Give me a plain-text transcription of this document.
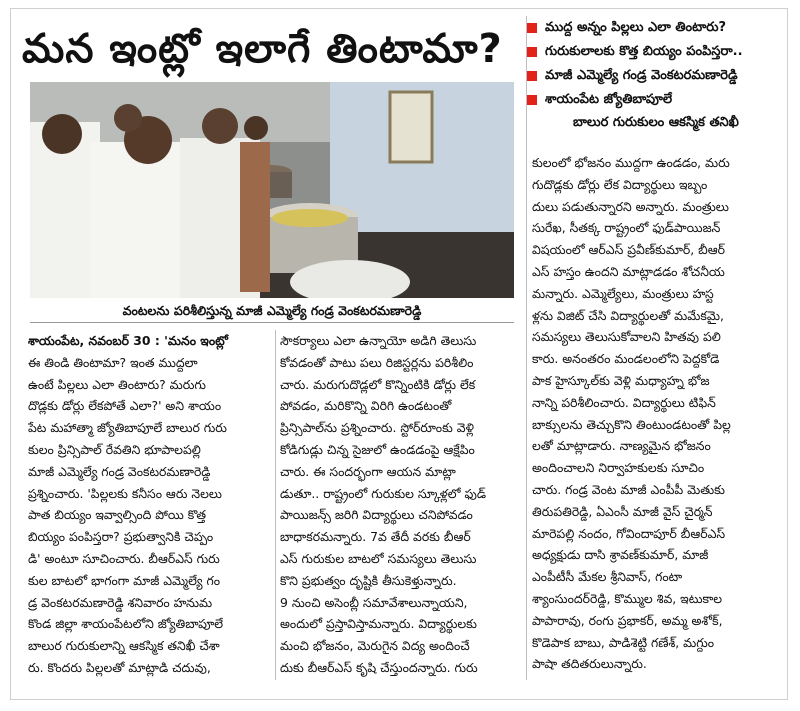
మన ఇంట్లో ఇలాగే తింటామా?	ముద్ద అన్నం పిల్లలు ఎలా తింటారు?
గురుకులాలకు కొత్త బియ్యం పంపిస్తరా..
మాజీ ఎమ్మెల్యే గండ్ర వెంకటరమణారెడ్డి
శాయంపేట జ్యోతిబాపూలే
బాలుర గురుకులం ఆకస్మిక తనిఖీ
వంటలను పరిశీలిస్తున్న మాజీ ఎమ్మెల్యే గండ్ర వెంకటరమణారెడ్డి
శాయంపేట, నవంబర్ 30 : 'మనం ఇంట్లో
ఈ తిండి తింటామా? ఇంత ముద్దలా
ఉంటే పిల్లలు ఎలా తింటారు? మరుగు
దొడ్లకు డోర్లు లేకపోతే ఎలా?' అని శాయం
పేట మహాత్మా జ్యోతిబాపూలే బాలుర గురు
కులం ప్రిన్సిపాల్ రేవతిని భూపాలపల్లి
మాజీ ఎమ్మెల్యే గండ్ర వెంకటరమణారెడ్డి
ప్రశ్నించారు. 'పిల్లలకు కనీసం ఆరు నెలలు
పాత బియ్యం ఇవ్వాల్సింది పోయి కొత్త
బియ్యం పంపిస్తరా? ప్రభుత్వానికి చెప్పం
డి' అంటూ సూచించారు. బీఆర్ఎస్ గురు
కుల బాటలో భాగంగా మాజీ ఎమ్మెల్యే గం
డ్ర వెంకటరమణారెడ్డి శనివారం హనుమ
కొండ జిల్లా శాయంపేటలోని జ్యోతిబాపూలే
బాలుర గురుకులాన్ని ఆకస్మిక తనిఖీ చేశా
రు. కొందరు పిల్లలతో మాట్లాడి చదువు,
సౌకర్యాలు ఎలా ఉన్నాయో అడిగి తెలుసు
కోవడంతో పాటు పలు రిజిస్టర్లను పరిశీలిం
చారు. మరుగుదొడ్లలో కొన్నింటికి డోర్లు లేక
పోవడం, మరికొన్ని విరిగి ఉండటంతో
ప్రిన్సిపాల్‌ను ప్రశ్నించారు. స్టోర్‌రూంకు వెళ్లి
కోడిగుడ్లు చిన్న సైజులో ఉండడంపై ఆక్షేపిం
చారు. ఈ సందర్భంగా ఆయన మాట్లా
డుతూ.. రాష్ట్రంలో గురుకుల స్కూళ్లలో ఫుడ్
పాయిజన్స్ జరిగి విద్యార్థులు చనిపోవడం
బాధాకరమన్నారు. 7వ తేదీ వరకు బీఆర్
ఎస్ గురుకుల బాటలో సమస్యలు తెలుసు
కొని ప్రభుత్వం దృష్టికి తీసుకెళ్తున్నారు.
9 నుంచి అసెంబ్లీ సమావేశాలున్నాయని,
అందులో ప్రస్తావిస్తామన్నారు. విద్యార్థులకు
మంచి భోజనం, మెరుగైన విద్య అందించే
దుకు బీఆర్ఎస్ కృషి చేస్తుందన్నారు. గురు
కులంలో భోజనం ముద్దగా ఉండడం, మరు
గుదొడ్లకు డోర్లు లేక విద్యార్థులు ఇబ్బం
దులు పడుతున్నారని అన్నారు. మంత్రులు
సురేఖ, సీతక్క రాష్ట్రంలో ఫుడ్‌పాయిజన్
విషయంలో ఆర్ఎస్ ప్రవీణ్‌కుమార్, బీఆర్
ఎస్ హస్తం ఉందని మాట్లాడడం శోచనీయ
మన్నారు. ఎమ్మెల్యేలు, మంత్రులు హస్ట
ళ్లను విజిట్ చేసి విద్యార్థులతో మమేకమై,
సమస్యలు తెలుసుకోవాలని హితవు పలి
కారు. అనంతరం మండలంలోని పెద్దకోడె
పాక హైస్కూల్‌కు వెళ్లి మధ్యాహ్న భోజ
నాన్ని పరిశీలించారు. విద్యార్థులు టిఫిన్
బాక్సులను తెచ్చుకొని తింటుండటంతో పిల్ల
లతో మాట్లాడారు. నాణ్యమైన భోజనం
అందించాలని నిర్వాహకులకు సూచిం
చారు. గండ్ర వెంట మాజీ ఎంపీపీ మెతుకు
తిరుపతిరెడ్డి, ఏఎంసీ మాజీ వైస్ చైర్మన్
మారెపల్లి నందం, గోవిందాపూర్ బీఆర్ఎస్
అధ్యక్షుడు దాసి శ్రావణ్‌కుమార్, మాజీ
ఎంపీటీసీ మేకల శ్రీనివాస్, గంటా
శ్యాంసుందర్‌రెడ్డి, కొమ్ముల శివ, ఇటుకాల
పాపారావు, రంగు ప్రభాకర్, అమ్మ అశోక్,
కొడెపాక బాబు, పాడిశెట్టి గణేశ్, మగ్దుం
పాషా తదితరులున్నారు.
